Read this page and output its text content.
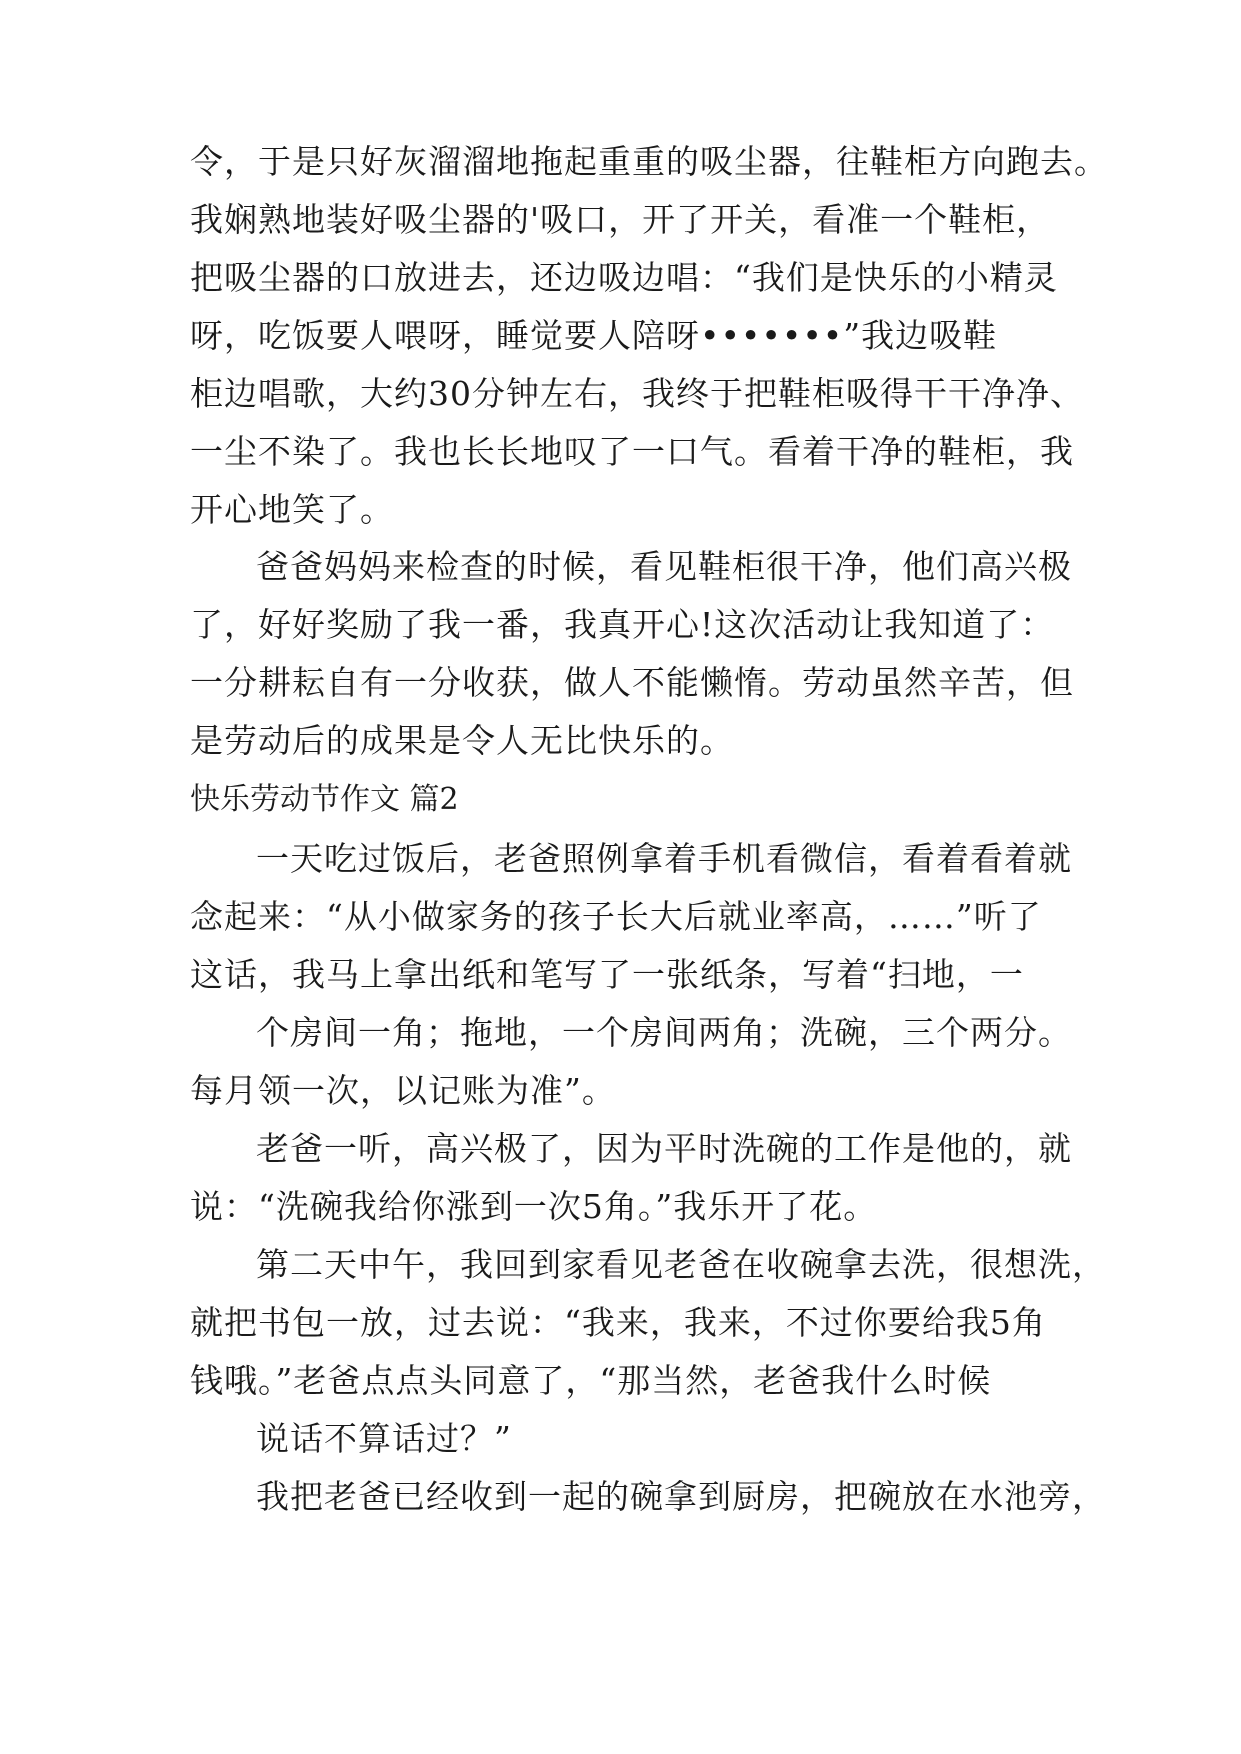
令，于是只好灰溜溜地拖起重重的吸尘器，往鞋柜方向跑去。
我娴熟地装好吸尘器的'吸口，开了开关，看准一个鞋柜，
把吸尘器的口放进去，还边吸边唱：“我们是快乐的小精灵
呀，吃饭要人喂呀，睡觉要人陪呀•••••••”我边吸鞋
柜边唱歌，大约30分钟左右，我终于把鞋柜吸得干干净净、
一尘不染了。我也长长地叹了一口气。看着干净的鞋柜，我
开心地笑了。
爸爸妈妈来检查的时候，看见鞋柜很干净，他们高兴极
了，好好奖励了我一番，我真开心!这次活动让我知道了：
一分耕耘自有一分收获，做人不能懒惰。劳动虽然辛苦，但
是劳动后的成果是令人无比快乐的。
快乐劳动节作文 篇2
一天吃过饭后，老爸照例拿着手机看微信，看着看着就
念起来：“从小做家务的孩子长大后就业率高，……”听了
这话，我马上拿出纸和笔写了一张纸条，写着“扫地，一
个房间一角；拖地，一个房间两角；洗碗，三个两分。
每月领一次，以记账为准”。
老爸一听，高兴极了，因为平时洗碗的工作是他的，就
说：“洗碗我给你涨到一次5角。”我乐开了花。
第二天中午，我回到家看见老爸在收碗拿去洗，很想洗，
就把书包一放，过去说：“我来，我来，不过你要给我5角
钱哦。”老爸点点头同意了，“那当然，老爸我什么时候
说话不算话过？”
我把老爸已经收到一起的碗拿到厨房，把碗放在水池旁，
